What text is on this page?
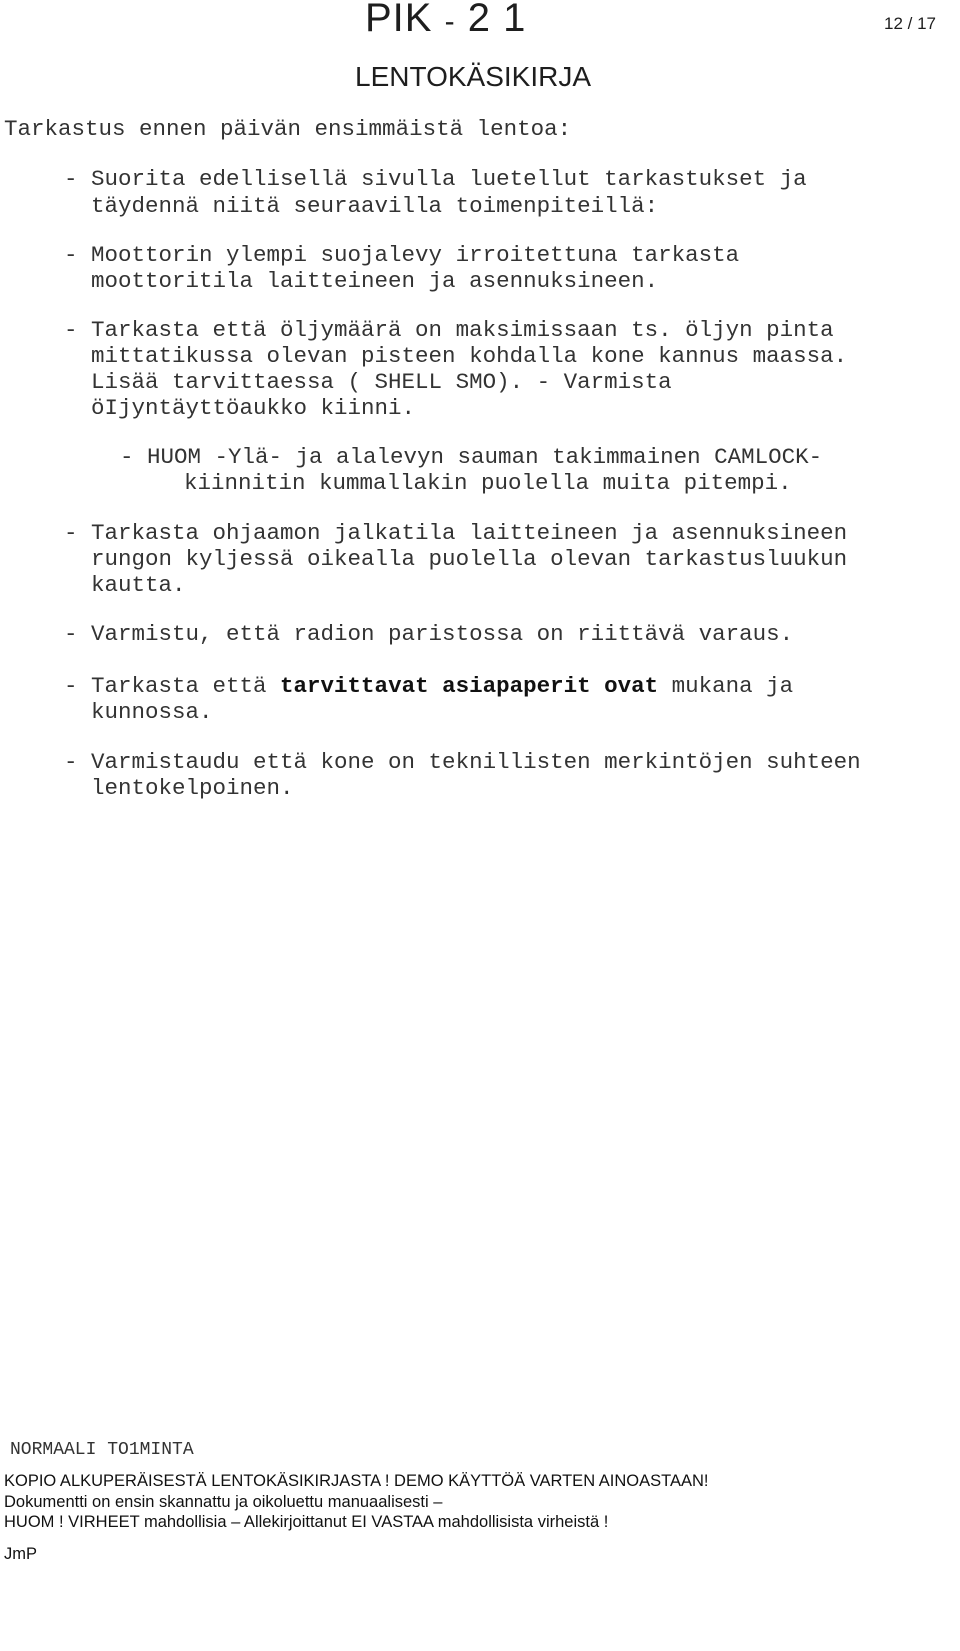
PIK - 2 1	12 / 17
LENTOKÄSIKIRJA
Tarkastus ennen päivän ensimmäistä lentoa:
- Suorita edellisellä sivulla luetellut tarkastukset ja
täydennä niitä seuraavilla toimenpiteillä:
- Moottorin ylempi suojalevy irroitettuna tarkasta
moottoritila laitteineen ja asennuksineen.
- Tarkasta että öljymäärä on maksimissaan ts. öljyn pinta
mittatikussa olevan pisteen kohdalla kone kannus maassa.
Lisää tarvittaessa ( SHELL SMO). - Varmista
öIjyntäyttöaukko kiinni.
- HUOM -Ylä- ja alalevyn sauman takimmainen CAMLOCK-
kiinnitin kummallakin puolella muita pitempi.
- Tarkasta ohjaamon jalkatila laitteineen ja asennuksineen
rungon kyljessä oikealla puolella olevan tarkastusluukun
kautta.
- Varmistu, että radion paristossa on riittävä varaus.
- Tarkasta että tarvittavat asiapaperit ovat mukana ja
kunnossa.
- Varmistaudu että kone on teknillisten merkintöjen suhteen
lentokelpoinen.
NORMAALI TO1MINTA
KOPIO ALKUPERÄISESTÄ LENTOKÄSIKIRJASTA ! DEMO KÄYTTÖÄ VARTEN AINOASTAAN!
Dokumentti on ensin skannattu ja oikoluettu manuaalisesti –
HUOM ! VIRHEET mahdollisia – Allekirjoittanut EI VASTAA mahdollisista virheistä !
JmP
